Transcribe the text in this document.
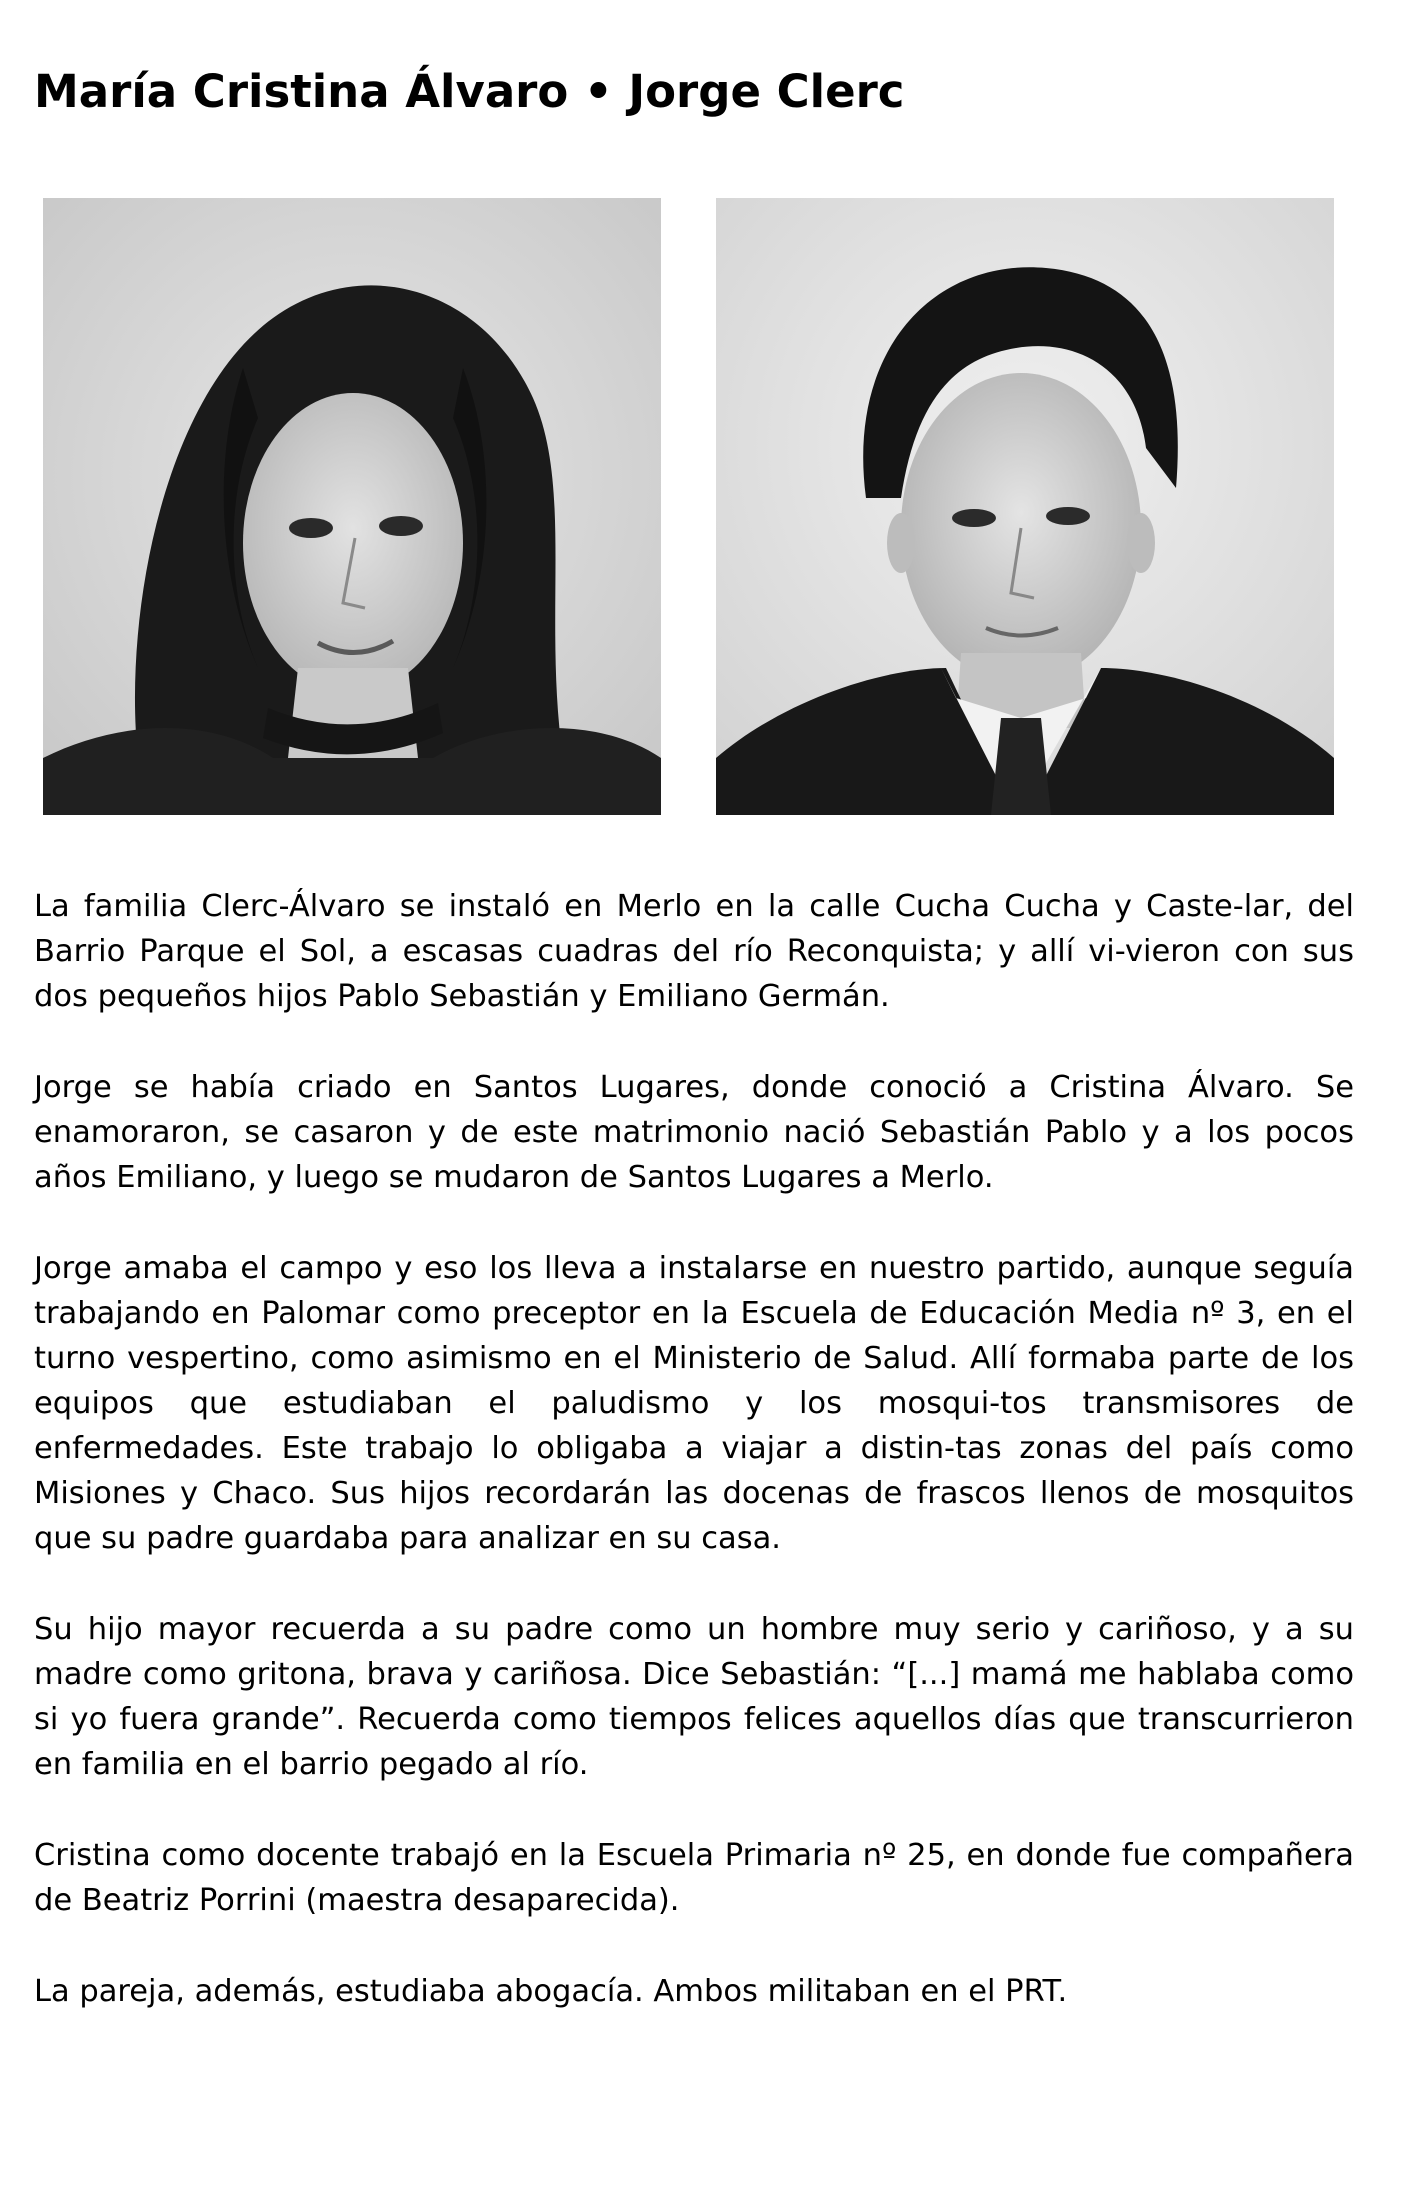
María Cristina Álvaro • Jorge Clerc

La familia Clerc-Álvaro se instaló en Merlo en la calle Cucha Cucha y Caste-lar, del Barrio Parque el Sol, a escasas cuadras del río Reconquista; y allí vi-vieron con sus dos pequeños hijos Pablo Sebastián y Emiliano Germán.

Jorge se había criado en Santos Lugares, donde conoció a Cristina Álvaro. Se enamoraron, se casaron y de este matrimonio nació Sebastián Pablo y a los pocos años Emiliano, y luego se mudaron de Santos Lugares a Merlo.

Jorge amaba el campo y eso los lleva a instalarse en nuestro partido, aunque seguía trabajando en Palomar como preceptor en la Escuela de Educación Media nº 3, en el turno vespertino, como asimismo en el Ministerio de Salud. Allí formaba parte de los equipos que estudiaban el paludismo y los mosqui-tos transmisores de enfermedades. Este trabajo lo obligaba a viajar a distin-tas zonas del país como Misiones y Chaco. Sus hijos recordarán las docenas de frascos llenos de mosquitos que su padre guardaba para analizar en su casa.

Su hijo mayor recuerda a su padre como un hombre muy serio y cariñoso, y a su madre como gritona, brava y cariñosa. Dice Sebastián: “[...] mamá me hablaba como si yo fuera grande”. Recuerda como tiempos felices aquellos días que transcurrieron en familia en el barrio pegado al río.

Cristina como docente trabajó en la Escuela Primaria nº 25, en donde fue compañera de Beatriz Porrini (maestra desaparecida).

La pareja, además, estudiaba abogacía. Ambos militaban en el PRT.
